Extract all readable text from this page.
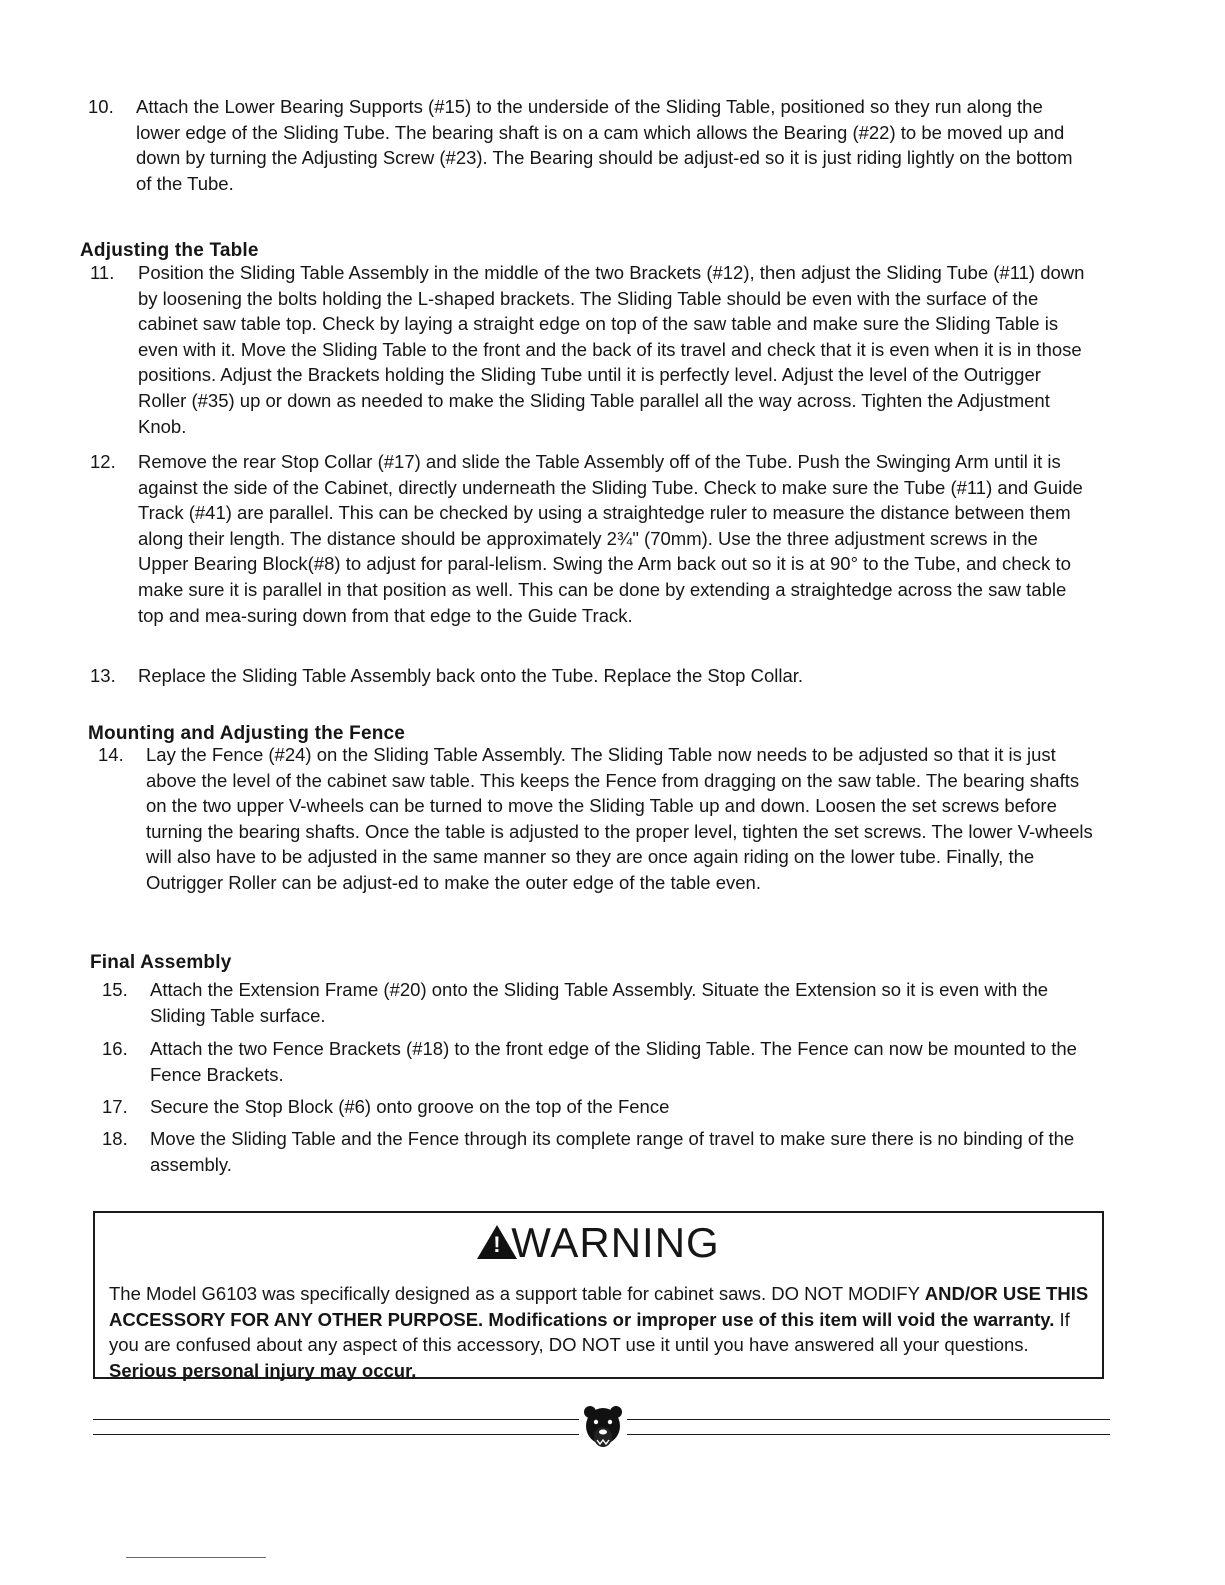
10. Attach the Lower Bearing Supports (#15) to the underside of the Sliding Table, positioned so they run along the lower edge of the Sliding Tube. The bearing shaft is on a cam which allows the Bearing (#22) to be moved up and down by turning the Adjusting Screw (#23). The Bearing should be adjust-ed so it is just riding lightly on the bottom of the Tube.
Adjusting the Table
11. Position the Sliding Table Assembly in the middle of the two Brackets (#12), then adjust the Sliding Tube (#11) down by loosening the bolts holding the L-shaped brackets. The Sliding Table should be even with the surface of the cabinet saw table top. Check by laying a straight edge on top of the saw table and make sure the Sliding Table is even with it. Move the Sliding Table to the front and the back of its travel and check that it is even when it is in those positions. Adjust the Brackets holding the Sliding Tube until it is perfectly level. Adjust the level of the Outrigger Roller (#35) up or down as needed to make the Sliding Table parallel all the way across. Tighten the Adjustment Knob.
12. Remove the rear Stop Collar (#17) and slide the Table Assembly off of the Tube. Push the Swinging Arm until it is against the side of the Cabinet, directly underneath the Sliding Tube. Check to make sure the Tube (#11) and Guide Track (#41) are parallel. This can be checked by using a straightedge ruler to measure the distance between them along their length. The distance should be approximately 2¾" (70mm). Use the three adjustment screws in the Upper Bearing Block(#8) to adjust for paral-lelism. Swing the Arm back out so it is at 90° to the Tube, and check to make sure it is parallel in that position as well. This can be done by extending a straightedge across the saw table top and mea-suring down from that edge to the Guide Track.
13. Replace the Sliding Table Assembly back onto the Tube. Replace the Stop Collar.
Mounting and Adjusting the Fence
14. Lay the Fence (#24) on the Sliding Table Assembly. The Sliding Table now needs to be adjusted so that it is just above the level of the cabinet saw table. This keeps the Fence from dragging on the saw table. The bearing shafts on the two upper V-wheels can be turned to move the Sliding Table up and down. Loosen the set screws before turning the bearing shafts. Once the table is adjusted to the proper level, tighten the set screws. The lower V-wheels will also have to be adjusted in the same manner so they are once again riding on the lower tube. Finally, the Outrigger Roller can be adjust-ed to make the outer edge of the table even.
Final Assembly
15. Attach the Extension Frame (#20) onto the Sliding Table Assembly. Situate the Extension so it is even with the Sliding Table surface.
16. Attach the two Fence Brackets (#18) to the front edge of the Sliding Table. The Fence can now be mounted to the Fence Brackets.
17. Secure the Stop Block (#6) onto groove on the top of the Fence
18. Move the Sliding Table and the Fence through its complete range of travel to make sure there is no binding of the assembly.
!WARNING
The Model G6103 was specifically designed as a support table for cabinet saws. DO NOT MODIFY AND/OR USE THIS ACCESSORY FOR ANY OTHER PURPOSE. Modifications or improper use of this item will void the warranty. If you are confused about any aspect of this accessory, DO NOT use it until you have answered all your questions. Serious personal injury may occur.
